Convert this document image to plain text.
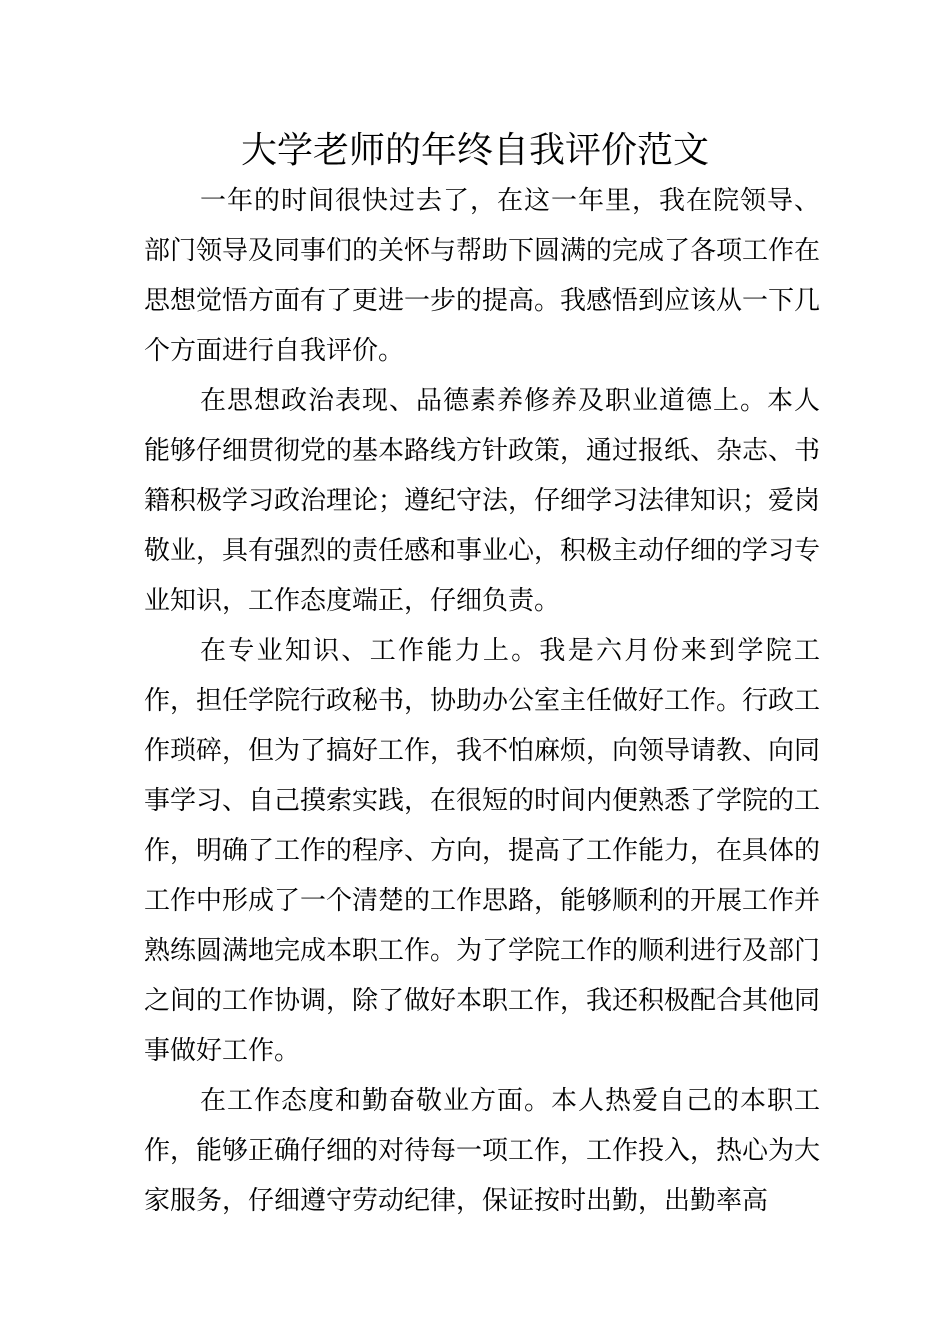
大学老师的年终自我评价范文

一年的时间很快过去了，在这一年里，我在院领导、部门领导及同事们的关怀与帮助下圆满的完成了各项工作在思想觉悟方面有了更进一步的提高。我感悟到应该从一下几个方面进行自我评价。

在思想政治表现、品德素养修养及职业道德上。本人能够仔细贯彻党的基本路线方针政策，通过报纸、杂志、书籍积极学习政治理论；遵纪守法，仔细学习法律知识；爱岗敬业，具有强烈的责任感和事业心，积极主动仔细的学习专业知识，工作态度端正，仔细负责。

在专业知识、工作能力上。我是六月份来到学院工作，担任学院行政秘书，协助办公室主任做好工作。行政工作琐碎，但为了搞好工作，我不怕麻烦，向领导请教、向同事学习、自己摸索实践，在很短的时间内便熟悉了学院的工作，明确了工作的程序、方向，提高了工作能力，在具体的工作中形成了一个清楚的工作思路，能够顺利的开展工作并熟练圆满地完成本职工作。为了学院工作的顺利进行及部门之间的工作协调，除了做好本职工作，我还积极配合其他同事做好工作。

在工作态度和勤奋敬业方面。本人热爱自己的本职工作，能够正确仔细的对待每一项工作，工作投入，热心为大家服务，仔细遵守劳动纪律，保证按时出勤，出勤率高
